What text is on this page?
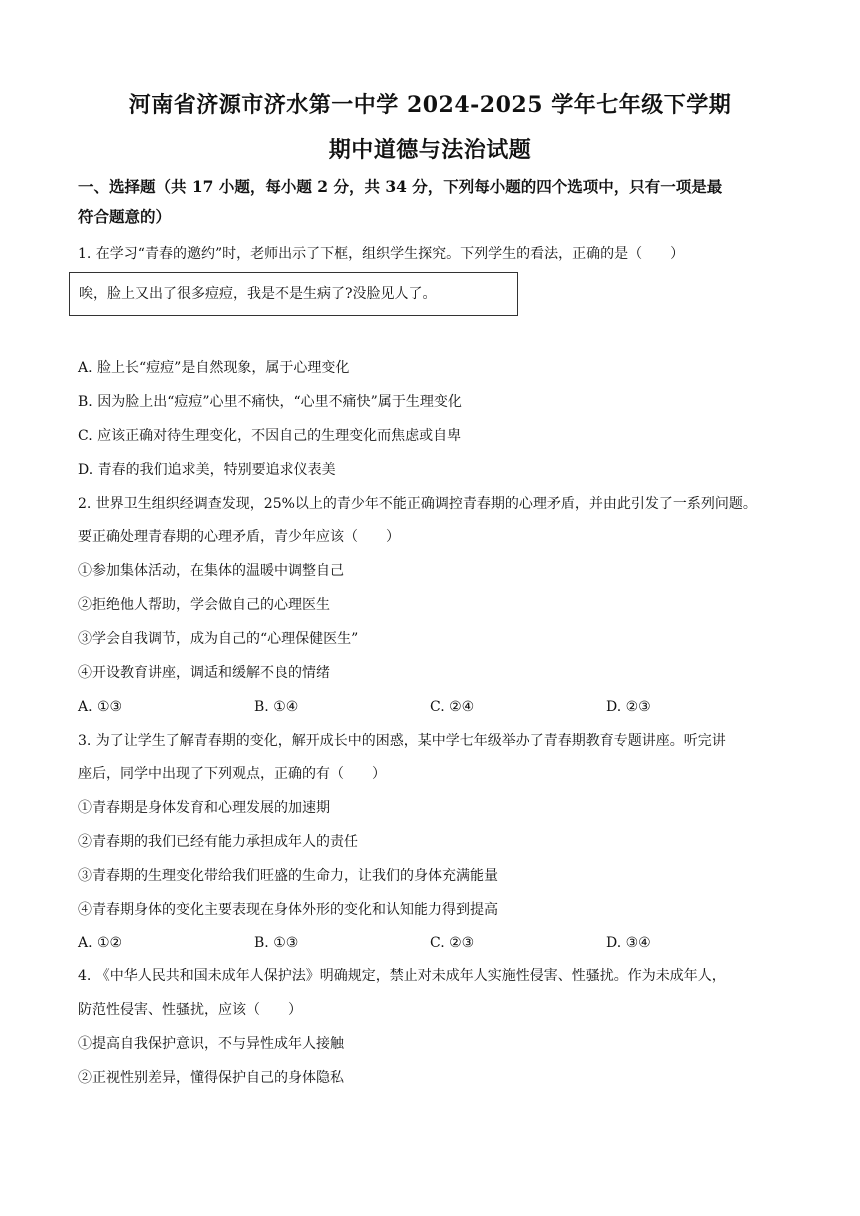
河南省济源市济水第一中学 2024-2025 学年七年级下学期
期中道德与法治试题
一、选择题（共 17 小题，每小题 2 分，共 34 分，下列每小题的四个选项中，只有一项是最
符合题意的）
1. 在学习“青春的邀约”时，老师出示了下框，组织学生探究。下列学生的看法，正确的是（　　）
唉，脸上又出了很多痘痘，我是不是生病了?没脸见人了。
A. 脸上长“痘痘”是自然现象，属于心理变化
B. 因为脸上出“痘痘”心里不痛快，“心里不痛快”属于生理变化
C. 应该正确对待生理变化，不因自己的生理变化而焦虑或自卑
D. 青春的我们追求美，特别要追求仪表美
2. 世界卫生组织经调查发现，25%以上的青少年不能正确调控青春期的心理矛盾，并由此引发了一系列问题。
要正确处理青春期的心理矛盾，青少年应该（　　）
①参加集体活动，在集体的温暖中调整自己
②拒绝他人帮助，学会做自己的心理医生
③学会自我调节，成为自己的“心理保健医生”
④开设教育讲座，调适和缓解不良的情绪
A. ①③	B. ①④	C. ②④	D. ②③
3. 为了让学生了解青春期的变化，解开成长中的困惑，某中学七年级举办了青春期教育专题讲座。听完讲
座后，同学中出现了下列观点，正确的有（　　）
①青春期是身体发育和心理发展的加速期
②青春期的我们已经有能力承担成年人的责任
③青春期的生理变化带给我们旺盛的生命力，让我们的身体充满能量
④青春期身体的变化主要表现在身体外形的变化和认知能力得到提高
A. ①②	B. ①③	C. ②③	D. ③④
4. 《中华人民共和国未成年人保护法》明确规定，禁止对未成年人实施性侵害、性骚扰。作为未成年人，
防范性侵害、性骚扰，应该（　　）
①提高自我保护意识，不与异性成年人接触
②正视性别差异，懂得保护自己的身体隐私
